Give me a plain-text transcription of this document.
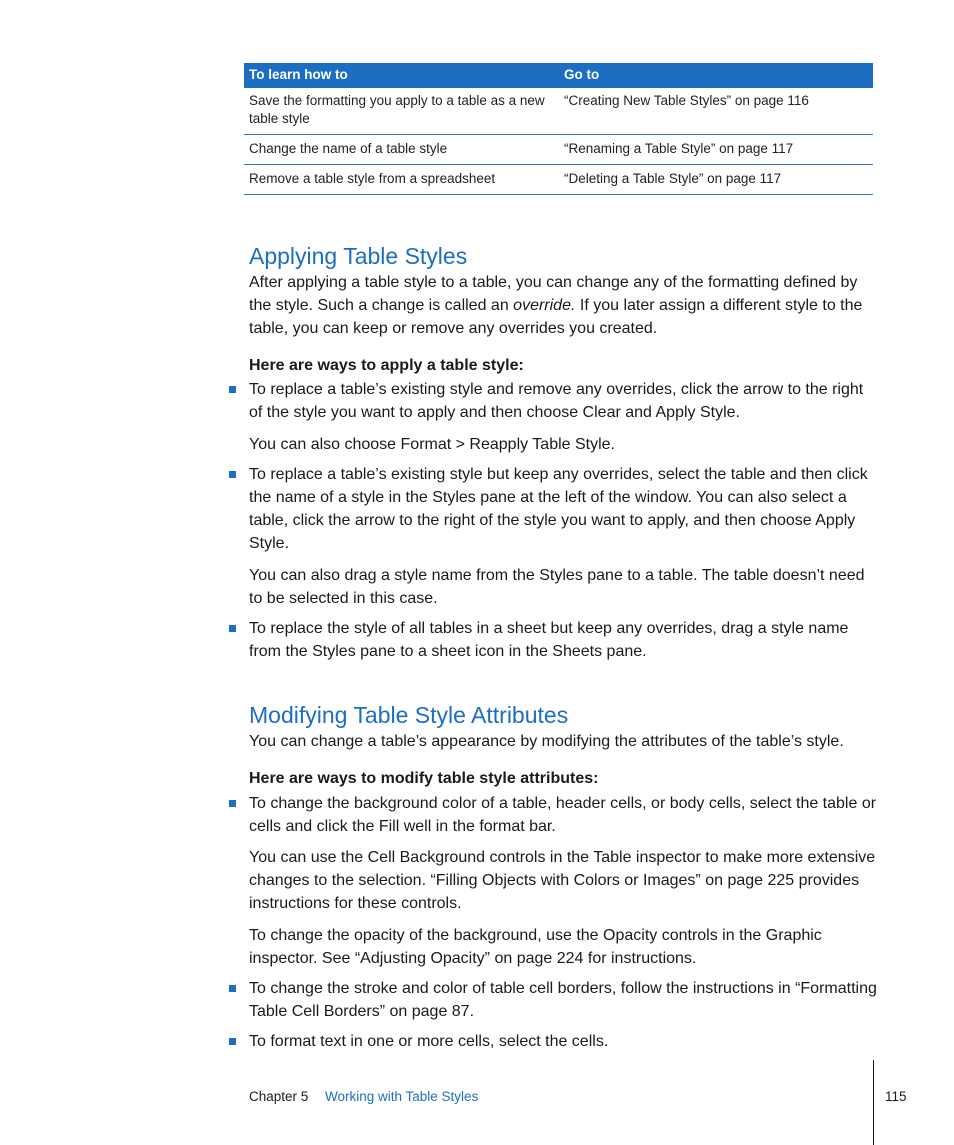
To learn how to	Go to
Save the formatting you apply to a table as a new table style	“Creating New Table Styles” on page 116
Change the name of a table style	“Renaming a Table Style” on page 117
Remove a table style from a spreadsheet	“Deleting a Table Style” on page 117
Applying Table Styles

After applying a table style to a table, you can change any of the formatting defined by the style. Such a change is called an override. If you later assign a different style to the table, you can keep or remove any overrides you created.

Here are ways to apply a table style:

To replace a table’s existing style and remove any overrides, click the arrow to the right of the style you want to apply and then choose Clear and Apply Style.

You can also choose Format > Reapply Table Style.

To replace a table’s existing style but keep any overrides, select the table and then click the name of a style in the Styles pane at the left of the window. You can also select a table, click the arrow to the right of the style you want to apply, and then choose Apply Style.

You can also drag a style name from the Styles pane to a table. The table doesn’t need to be selected in this case.

To replace the style of all tables in a sheet but keep any overrides, drag a style name from the Styles pane to a sheet icon in the Sheets pane.

Modifying Table Style Attributes

You can change a table’s appearance by modifying the attributes of the table’s style.

Here are ways to modify table style attributes:

To change the background color of a table, header cells, or body cells, select the table or cells and click the Fill well in the format bar.

You can use the Cell Background controls in the Table inspector to make more extensive changes to the selection. “Filling Objects with Colors or Images” on page 225 provides instructions for these controls.

To change the opacity of the background, use the Opacity controls in the Graphic inspector. See “Adjusting Opacity” on page 224 for instructions.

To change the stroke and color of table cell borders, follow the instructions in “Formatting Table Cell Borders” on page 87.

To format text in one or more cells, select the cells.

Chapter 5 Working with Table Styles	115
